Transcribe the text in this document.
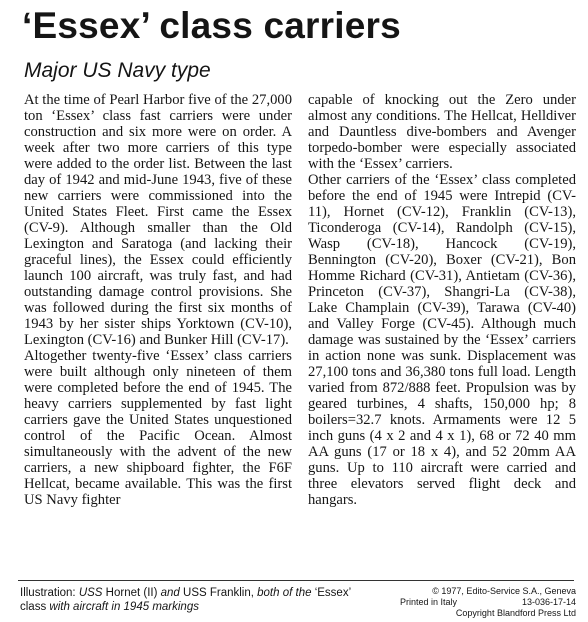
‘Essex’ class carriers
Major US Navy type

At the time of Pearl Harbor five of the 27,000 ton ‘Essex’ class fast carriers were under construction and six more were on order. A week after two more carriers of this type were added to the order list. Between the last day of 1942 and mid-June 1943, five of these new carriers were commissioned into the United States Fleet. First came the Essex (CV-9). Although smaller than the Old Lexington and Saratoga (and lacking their graceful lines), the Essex could efficiently launch 100 aircraft, was truly fast, and had outstanding damage control provisions. She was followed during the first six months of 1943 by her sister ships Yorktown (CV-10), Lexington (CV-16) and Bunker Hill (CV-17).

Altogether twenty-five ‘Essex’ class carriers were built although only nineteen of them were completed before the end of 1945. The heavy carriers supplemented by fast light carriers gave the United States unquestioned control of the Pacific Ocean. Almost simultaneously with the advent of the new carriers, a new shipboard fighter, the F6F Hellcat, became available. This was the first US Navy fighter

capable of knocking out the Zero under almost any conditions. The Hellcat, Helldiver and Dauntless dive-bombers and Avenger torpedo-bomber were especially associated with the ‘Essex’ carriers.

Other carriers of the ‘Essex’ class completed before the end of 1945 were Intrepid (CV-11), Hornet (CV-12), Franklin (CV-13), Ticonderoga (CV-14), Randolph (CV-15), Wasp (CV-18), Hancock (CV-19), Bennington (CV-20), Boxer (CV-21), Bon Homme Richard (CV-31), Antietam (CV-36), Princeton (CV-37), Shangri-La (CV-38), Lake Champlain (CV-39), Tarawa (CV-40) and Valley Forge (CV-45). Although much damage was sustained by the ‘Essex’ carriers in action none was sunk. Displacement was 27,100 tons and 36,380 tons full load. Length varied from 872/888 feet. Propulsion was by geared turbines, 4 shafts, 150,000 hp; 8 boilers=32.7 knots. Armaments were 12 5 inch guns (4 x 2 and 4 x 1), 68 or 72 40 mm AA guns (17 or 18 x 4), and 52 20mm AA guns. Up to 110 aircraft were carried and three elevators served flight deck and hangars.

Illustration: USS Hornet (II) and USS Franklin, both of the ‘Essex’ class with aircraft in 1945 markings
© 1977, Edito-Service S.A., Geneva
Printed in Italy	13-036-17-14
Copyright Blandford Press Ltd
